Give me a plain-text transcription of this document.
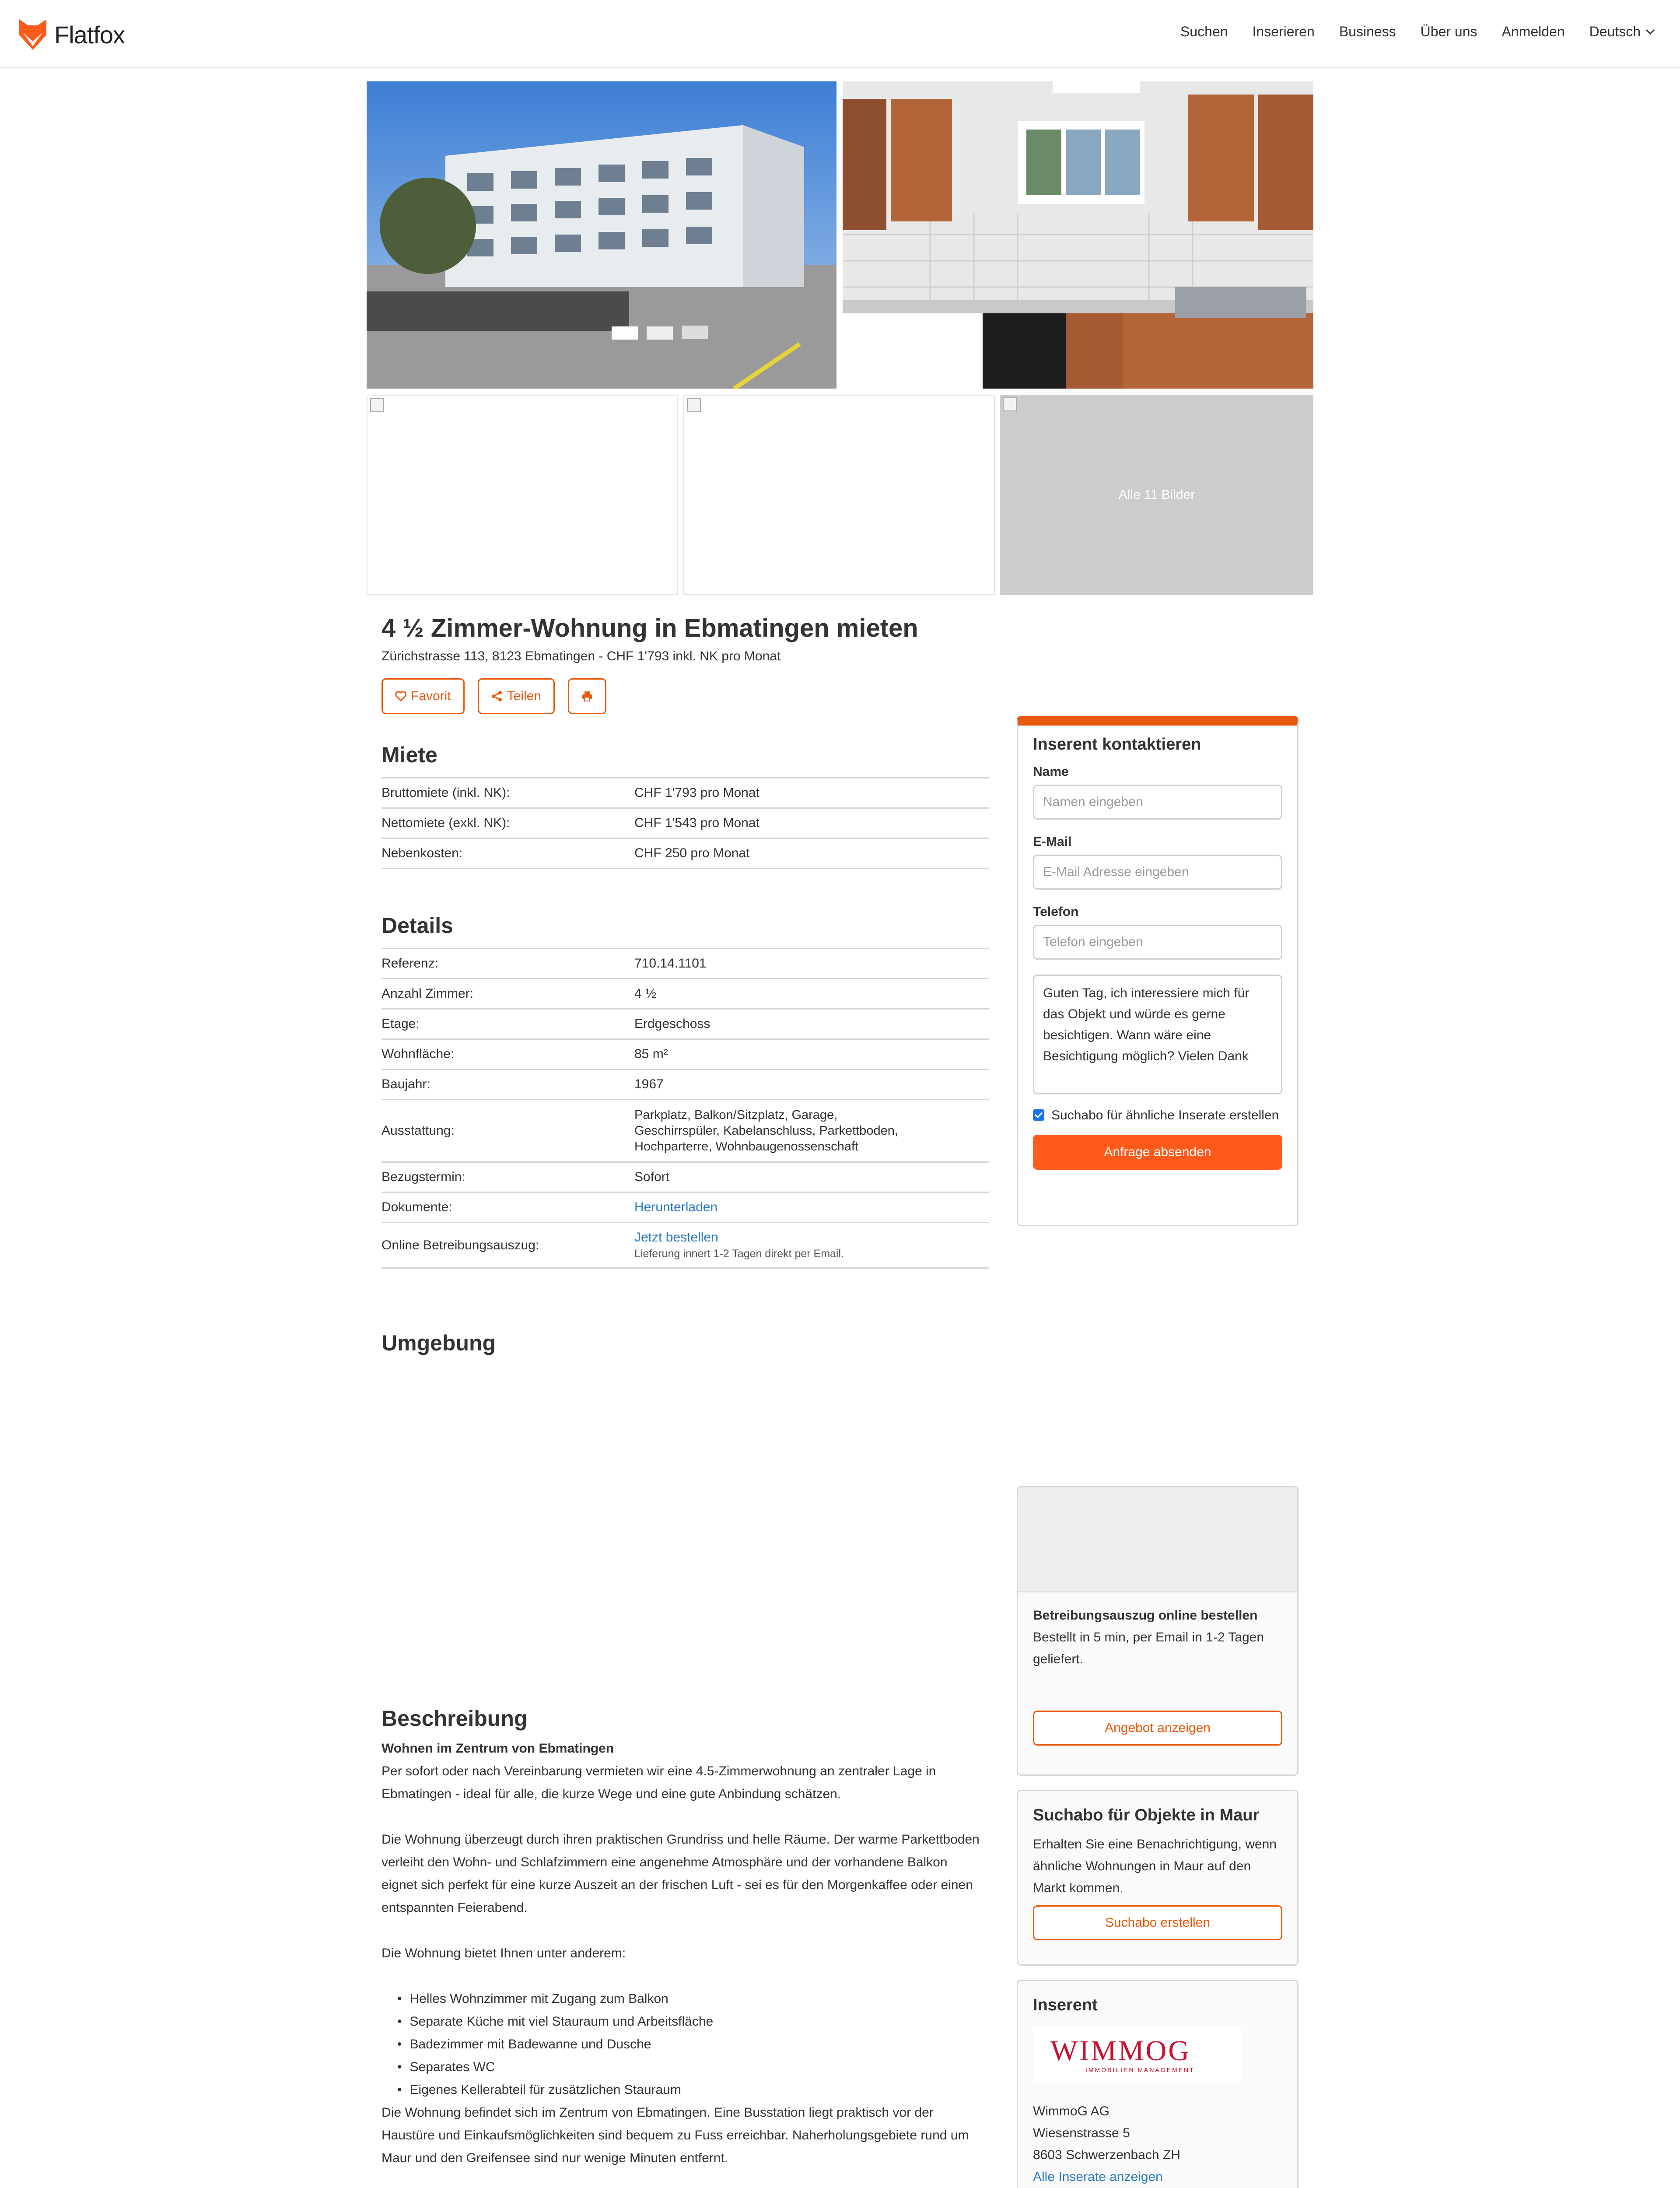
Flatfox	Suchen Inserieren Business Über uns Anmelden Deutsch
Alle 11 Bilder
4 ½ Zimmer-Wohnung in Ebmatingen mieten
Zürichstrasse 113, 8123 Ebmatingen - CHF 1'793 inkl. NK pro Monat
Favorit	Teilen
Miete
Bruttomiete (inkl. NK):	CHF 1'793 pro Monat
Nettomiete (exkl. NK):	CHF 1'543 pro Monat
Nebenkosten:	CHF 250 pro Monat
Details
Referenz:	710.14.1101
Anzahl Zimmer:	4 ½
Etage:	Erdgeschoss
Wohnfläche:	85 m²
Baujahr:	1967
Ausstattung:	Parkplatz, Balkon/Sitzplatz, Garage, Geschirrspüler, Kabelanschluss, Parkettboden, Hochparterre, Wohnbaugenossenschaft
Bezugstermin:	Sofort
Dokumente:	Herunterladen
Online Betreibungsauszug:	Jetzt bestellen
Lieferung innert 1-2 Tagen direkt per Email.
Umgebung
Inserent kontaktieren
Name
Namen eingeben
E-Mail
E-Mail Adresse eingeben
Telefon
Telefon eingeben
Guten Tag, ich interessiere mich für das Objekt und würde es gerne besichtigen. Wann wäre eine Besichtigung möglich? Vielen Dank
Suchabo für ähnliche Inserate erstellen
Anfrage absenden

Betreibungsauszug online bestellen

Bestellt in 5 min, per Email in 1-2 Tagen geliefert.

Angebot anzeigen
Suchabo für Objekte in Maur

Erhalten Sie eine Benachrichtigung, wenn ähnliche Wohnungen in Maur auf den Markt kommen.

Suchabo erstellen
Inserent
WIMMOG
IMMOBILIEN MANAGEMENT

WimmoG AG

Wiesenstrasse 5

8603 Schwerzenbach ZH

Alle Inserate anzeigen

Beschreibung
Wohnen im Zentrum von Ebmatingen

Per sofort oder nach Vereinbarung vermieten wir eine 4.5-Zimmerwohnung an zentraler Lage in Ebmatingen - ideal für alle, die kurze Wege und eine gute Anbindung schätzen.

Die Wohnung überzeugt durch ihren praktischen Grundriss und helle Räume. Der warme Parkettboden verleiht den Wohn- und Schlafzimmern eine angenehme Atmosphäre und der vorhandene Balkon eignet sich perfekt für eine kurze Auszeit an der frischen Luft - sei es für den Morgenkaffee oder einen entspannten Feierabend.

Die Wohnung bietet Ihnen unter anderem:

• Helles Wohnzimmer mit Zugang zum Balkon
• Separate Küche mit viel Stauraum und Arbeitsfläche
• Badezimmer mit Badewanne und Dusche
• Separates WC
• Eigenes Kellerabteil für zusätzlichen Stauraum

Die Wohnung befindet sich im Zentrum von Ebmatingen. Eine Busstation liegt praktisch vor der Haustüre und Einkaufsmöglichkeiten sind bequem zu Fuss erreichbar. Naherholungsgebiete rund um Maur und den Greifensee sind nur wenige Minuten entfernt.
